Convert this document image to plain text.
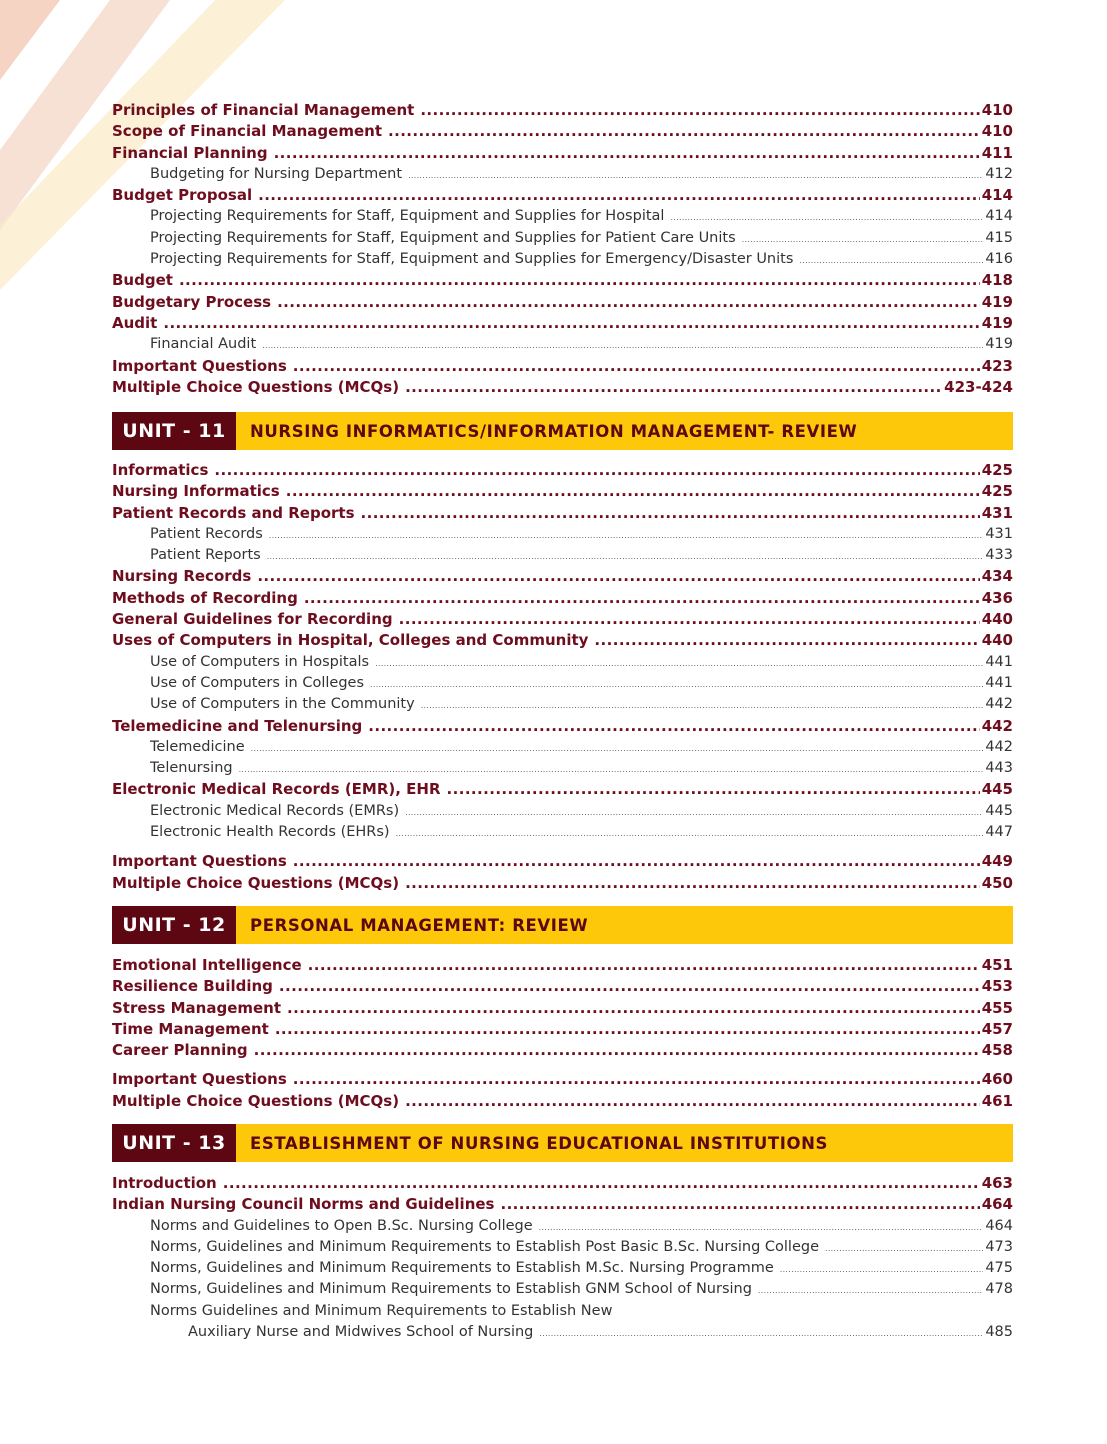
Principles of Financial Management .....	410
Scope of Financial Management .....	410
Financial Planning .....	411
Budgeting for Nursing Department .....	412
Budget Proposal .....	414
Projecting Requirements for Staff, Equipment and Supplies for Hospital .....	414
Projecting Requirements for Staff, Equipment and Supplies for Patient Care Units .....	415
Projecting Requirements for Staff, Equipment and Supplies for Emergency/Disaster Units .....	416
Budget .....	418
Budgetary Process .....	419
Audit .....	419
Financial Audit .....	419
Important Questions .....	423
Multiple Choice Questions (MCQs) .....	423-424
UNIT - 11	NURSING INFORMATICS/INFORMATION MANAGEMENT- REVIEW
Informatics .....	425
Nursing Informatics .....	425
Patient Records and Reports .....	431
Patient Records .....	431
Patient Reports .....	433
Nursing Records .....	434
Methods of Recording .....	436
General Guidelines for Recording .....	440
Uses of Computers in Hospital, Colleges and Community .....	440
Use of Computers in Hospitals .....	441
Use of Computers in Colleges .....	441
Use of Computers in the Community .....	442
Telemedicine and Telenursing .....	442
Telemedicine .....	442
Telenursing .....	443
Electronic Medical Records (EMR), EHR .....	445
Electronic Medical Records (EMRs) .....	445
Electronic Health Records (EHRs) .....	447
Important Questions .....	449
Multiple Choice Questions (MCQs) .....	450
UNIT - 12	PERSONAL MANAGEMENT: REVIEW
Emotional Intelligence .....	451
Resilience Building .....	453
Stress Management .....	455
Time Management .....	457
Career Planning .....	458
Important Questions .....	460
Multiple Choice Questions (MCQs) .....	461
UNIT - 13	ESTABLISHMENT OF NURSING EDUCATIONAL INSTITUTIONS
Introduction .....	463
Indian Nursing Council Norms and Guidelines .....	464
Norms and Guidelines to Open B.Sc. Nursing College .....	464
Norms, Guidelines and Minimum Requirements to Establish Post Basic B.Sc. Nursing College .....	473
Norms, Guidelines and Minimum Requirements to Establish M.Sc. Nursing Programme .....	475
Norms, Guidelines and Minimum Requirements to Establish GNM School of Nursing .....	478
Norms Guidelines and Minimum Requirements to Establish New
Auxiliary Nurse and Midwives School of Nursing .....	485
